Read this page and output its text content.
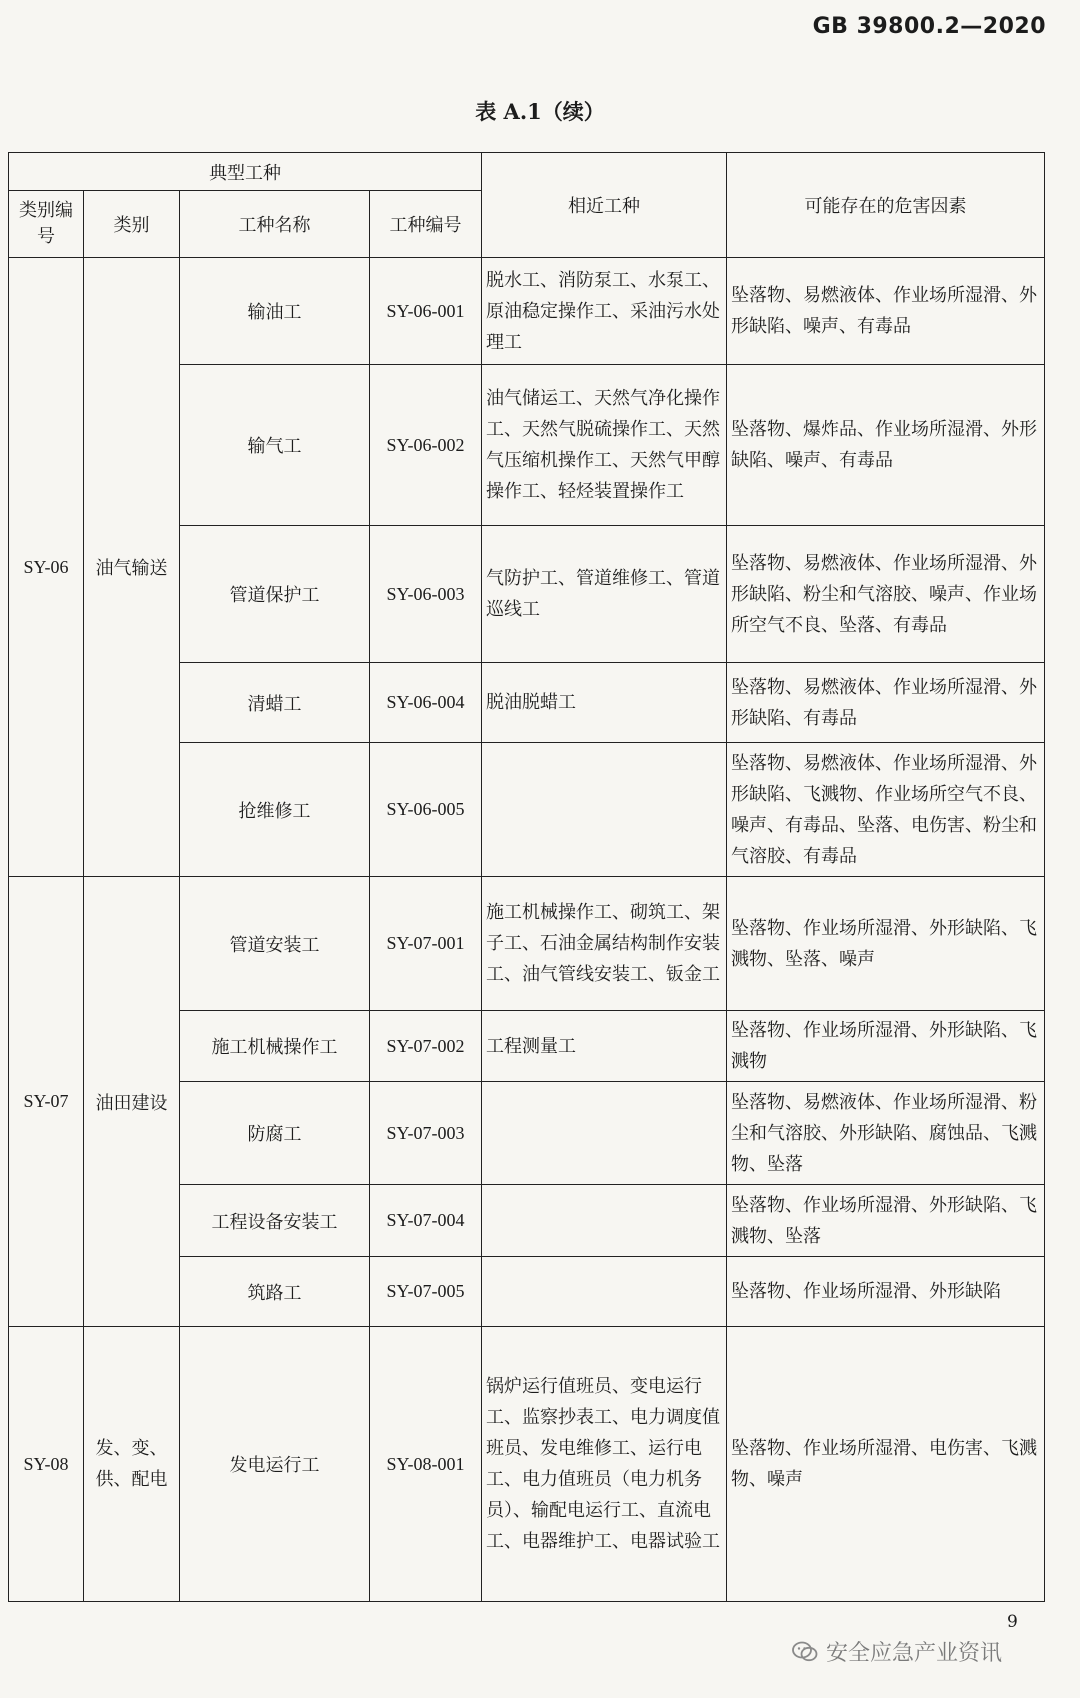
GB 39800.2—2020
表 A.1（续）
典型工种				相近工种	可能存在的危害因素
类别编号	类别	工种名称	工种编号		
SY-06	油气输送	输油工	SY-06-001	脱水工、消防泵工、水泵工、原油稳定操作工、采油污水处理工	坠落物、易燃液体、作业场所湿滑、外形缺陷、噪声、有毒品
		输气工	SY-06-002	油气储运工、天然气净化操作工、天然气脱硫操作工、天然气压缩机操作工、天然气甲醇操作工、轻烃装置操作工	坠落物、爆炸品、作业场所湿滑、外形缺陷、噪声、有毒品
		管道保护工	SY-06-003	气防护工、管道维修工、管道巡线工	坠落物、易燃液体、作业场所湿滑、外形缺陷、粉尘和气溶胶、噪声、作业场所空气不良、坠落、有毒品
		清蜡工	SY-06-004	脱油脱蜡工	坠落物、易燃液体、作业场所湿滑、外形缺陷、有毒品
		抢维修工	SY-06-005		坠落物、易燃液体、作业场所湿滑、外形缺陷、飞溅物、作业场所空气不良、噪声、有毒品、坠落、电伤害、粉尘和气溶胶、有毒品
SY-07	油田建设	管道安装工	SY-07-001	施工机械操作工、砌筑工、架子工、石油金属结构制作安装工、油气管线安装工、钣金工	坠落物、作业场所湿滑、外形缺陷、飞溅物、坠落、噪声
		施工机械操作工	SY-07-002	工程测量工	坠落物、作业场所湿滑、外形缺陷、飞溅物
		防腐工	SY-07-003		坠落物、易燃液体、作业场所湿滑、粉尘和气溶胶、外形缺陷、腐蚀品、飞溅物、坠落
		工程设备安装工	SY-07-004		坠落物、作业场所湿滑、外形缺陷、飞溅物、坠落
		筑路工	SY-07-005		坠落物、作业场所湿滑、外形缺陷
SY-08	发、变、供、配电	发电运行工	SY-08-001	锅炉运行值班员、变电运行工、监察抄表工、电力调度值班员、发电维修工、运行电工、电力值班员（电力机务员）、输配电运行工、直流电工、电器维护工、电器试验工	坠落物、作业场所湿滑、电伤害、飞溅物、噪声
9
安全应急产业资讯
